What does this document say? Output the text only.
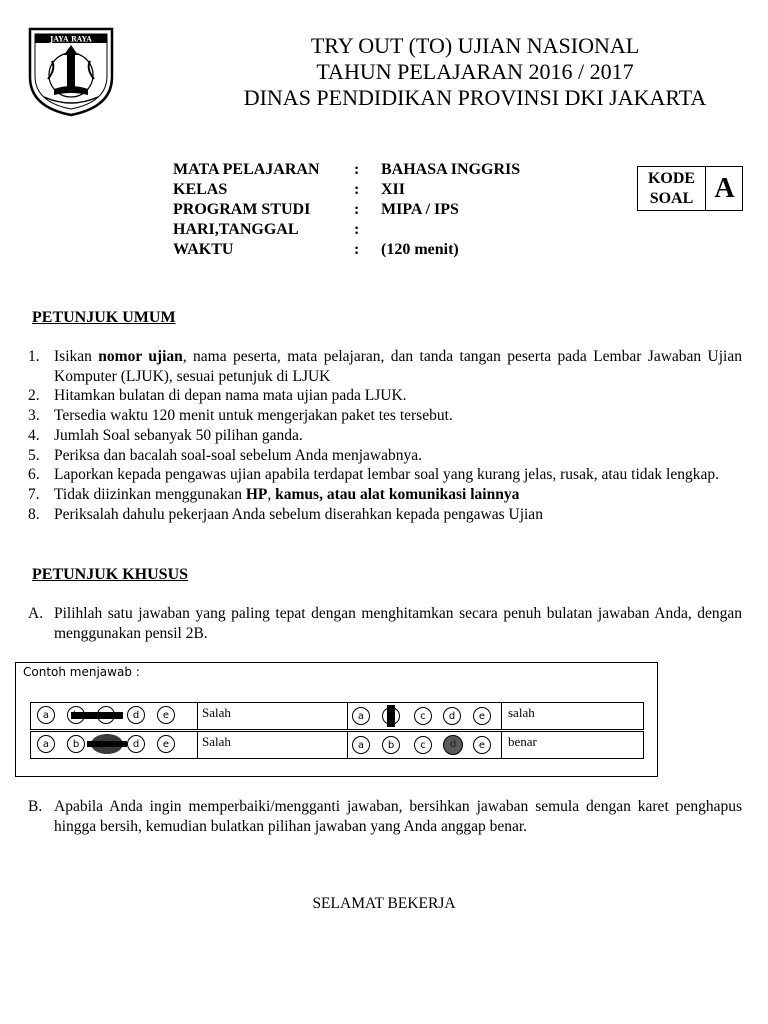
JAYA RAYA	TRY OUT (TO) UJIAN NASIONAL
TAHUN PELAJARAN 2016 / 2017
DINAS PENDIDIKAN PROVINSI DKI JAKARTA
MATA PELAJARAN : BAHASA INGGRIS
KELAS	: XII
PROGRAM STUDI	: MIPA / IPS
HARI,TANGGAL	:
WAKTU	: (120 menit)
KODE
SOAL A
PETUNJUK UMUM
1. Isikan nomor ujian, nama peserta, mata pelajaran, dan tanda tangan peserta pada Lembar Jawaban Ujian Komputer (LJUK), sesuai petunjuk di LJUK
2. Hitamkan bulatan di depan nama mata ujian pada LJUK.
3. Tersedia waktu 120 menit untuk mengerjakan paket tes tersebut.
4. Jumlah Soal sebanyak 50 pilihan ganda.
5. Periksa dan bacalah soal-soal sebelum Anda menjawabnya.
6. Laporkan kepada pengawas ujian apabila terdapat lembar soal yang kurang jelas, rusak, atau tidak lengkap.
7. Tidak diizinkan menggunakan HP, kamus, atau alat komunikasi lainnya
8. Periksalah dahulu pekerjaan Anda sebelum diserahkan kepada pengawas Ujian
PETUNJUK KHUSUS
A. Pilihlah satu jawaban yang paling tepat dengan menghitamkan secara penuh bulatan jawaban Anda, dengan menggunakan pensil 2B.
Contoh menjawab :
a	d	e	Salah	a	c	d	e	salah
a	b	d	e	Salah	a	b	c	d	e	benar
B. Apabila Anda ingin memperbaiki/mengganti jawaban, bersihkan jawaban semula dengan karet penghapus hingga bersih, kemudian bulatkan pilihan jawaban yang Anda anggap benar.
SELAMAT BEKERJA
